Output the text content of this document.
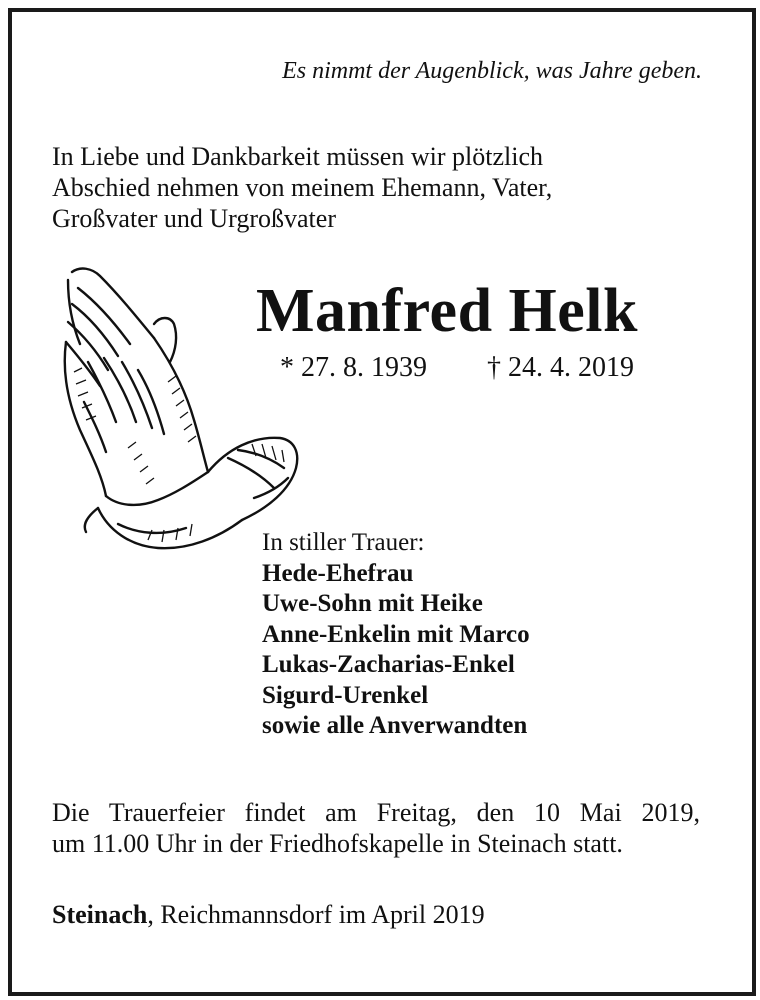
Es nimmt der Augenblick, was Jahre geben.
In Liebe und Dankbarkeit müssen wir plötzlich
Abschied nehmen von meinem Ehemann, Vater,
Großvater und Urgroßvater
Manfred Helk
* 27. 8. 1939 † 24. 4. 2019
In stiller Trauer:
Hede-Ehefrau
Uwe-Sohn mit Heike
Anne-Enkelin mit Marco
Lukas-Zacharias-Enkel
Sigurd-Urenkel
sowie alle Anverwandten
Die Trauerfeier findet am Freitag, den 10 Mai 2019,
um 11.00 Uhr in der Friedhofskapelle in Steinach statt.
Steinach, Reichmannsdorf im April 2019
